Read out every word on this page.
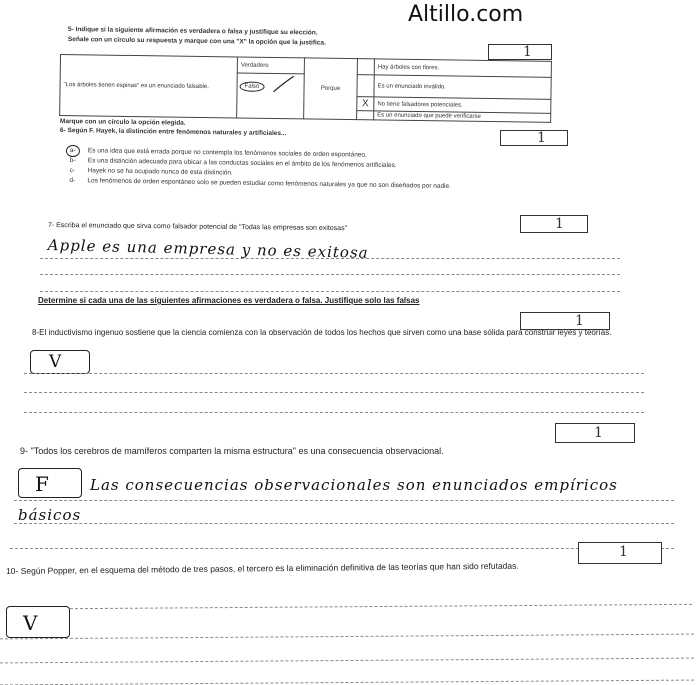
Altillo.com
5- Indique si la siguiente afirmación es verdadera o falsa y justifique su elección.
Señale con un círculo su respuesta y marque con una "X" la opción que la justifica.
1
"Los árboles tienen espinas" es un enunciado falsable.	Verdadero	Porque		Hay árboles con flores.

	Falso			Es un enunciado inválido.
			X	No tiene falsadores potenciales.
				Es un enunciado que puede verificarse
Marque con un círculo la opción elegida.
6- Según F. Hayek, la distinción entre fenómenos naturales y artificiales...	1
a- Es una idea que está errada porque no contempla los fenómenos sociales de orden espontáneo.
b- Es una distinción adecuada para ubicar a las conductas sociales en el ámbito de los fenómenos artificiales.
c- Hayek no se ha ocupado nunca de esta distinción.
d- Los fenómenos de orden espontáneo solo se pueden estudiar como fenómenos naturales ya que no son diseñados por nadie.
7- Escriba el enunciado que sirva como falsador potencial de "Todas las empresas son exitosas"	1
Apple es una empresa y no es exitosa
Determine si cada una de las siguientes afirmaciones es verdadera o falsa. Justifique solo las falsas
1
8-El inductivismo ingenuo sostiene que la ciencia comienza con la observación de todos los hechos que sirven como una base sólida para construir leyes y teorías.
V
1
9- "Todos los cerebros de mamíferos comparten la misma estructura" es una consecuencia observacional.
F	Las consecuencias observacionales son enunciados empíricos
básicos
1
10- Según Popper, en el esquema del método de tres pasos, el tercero es la eliminación definitiva de las teorías que han sido refutadas.
V
